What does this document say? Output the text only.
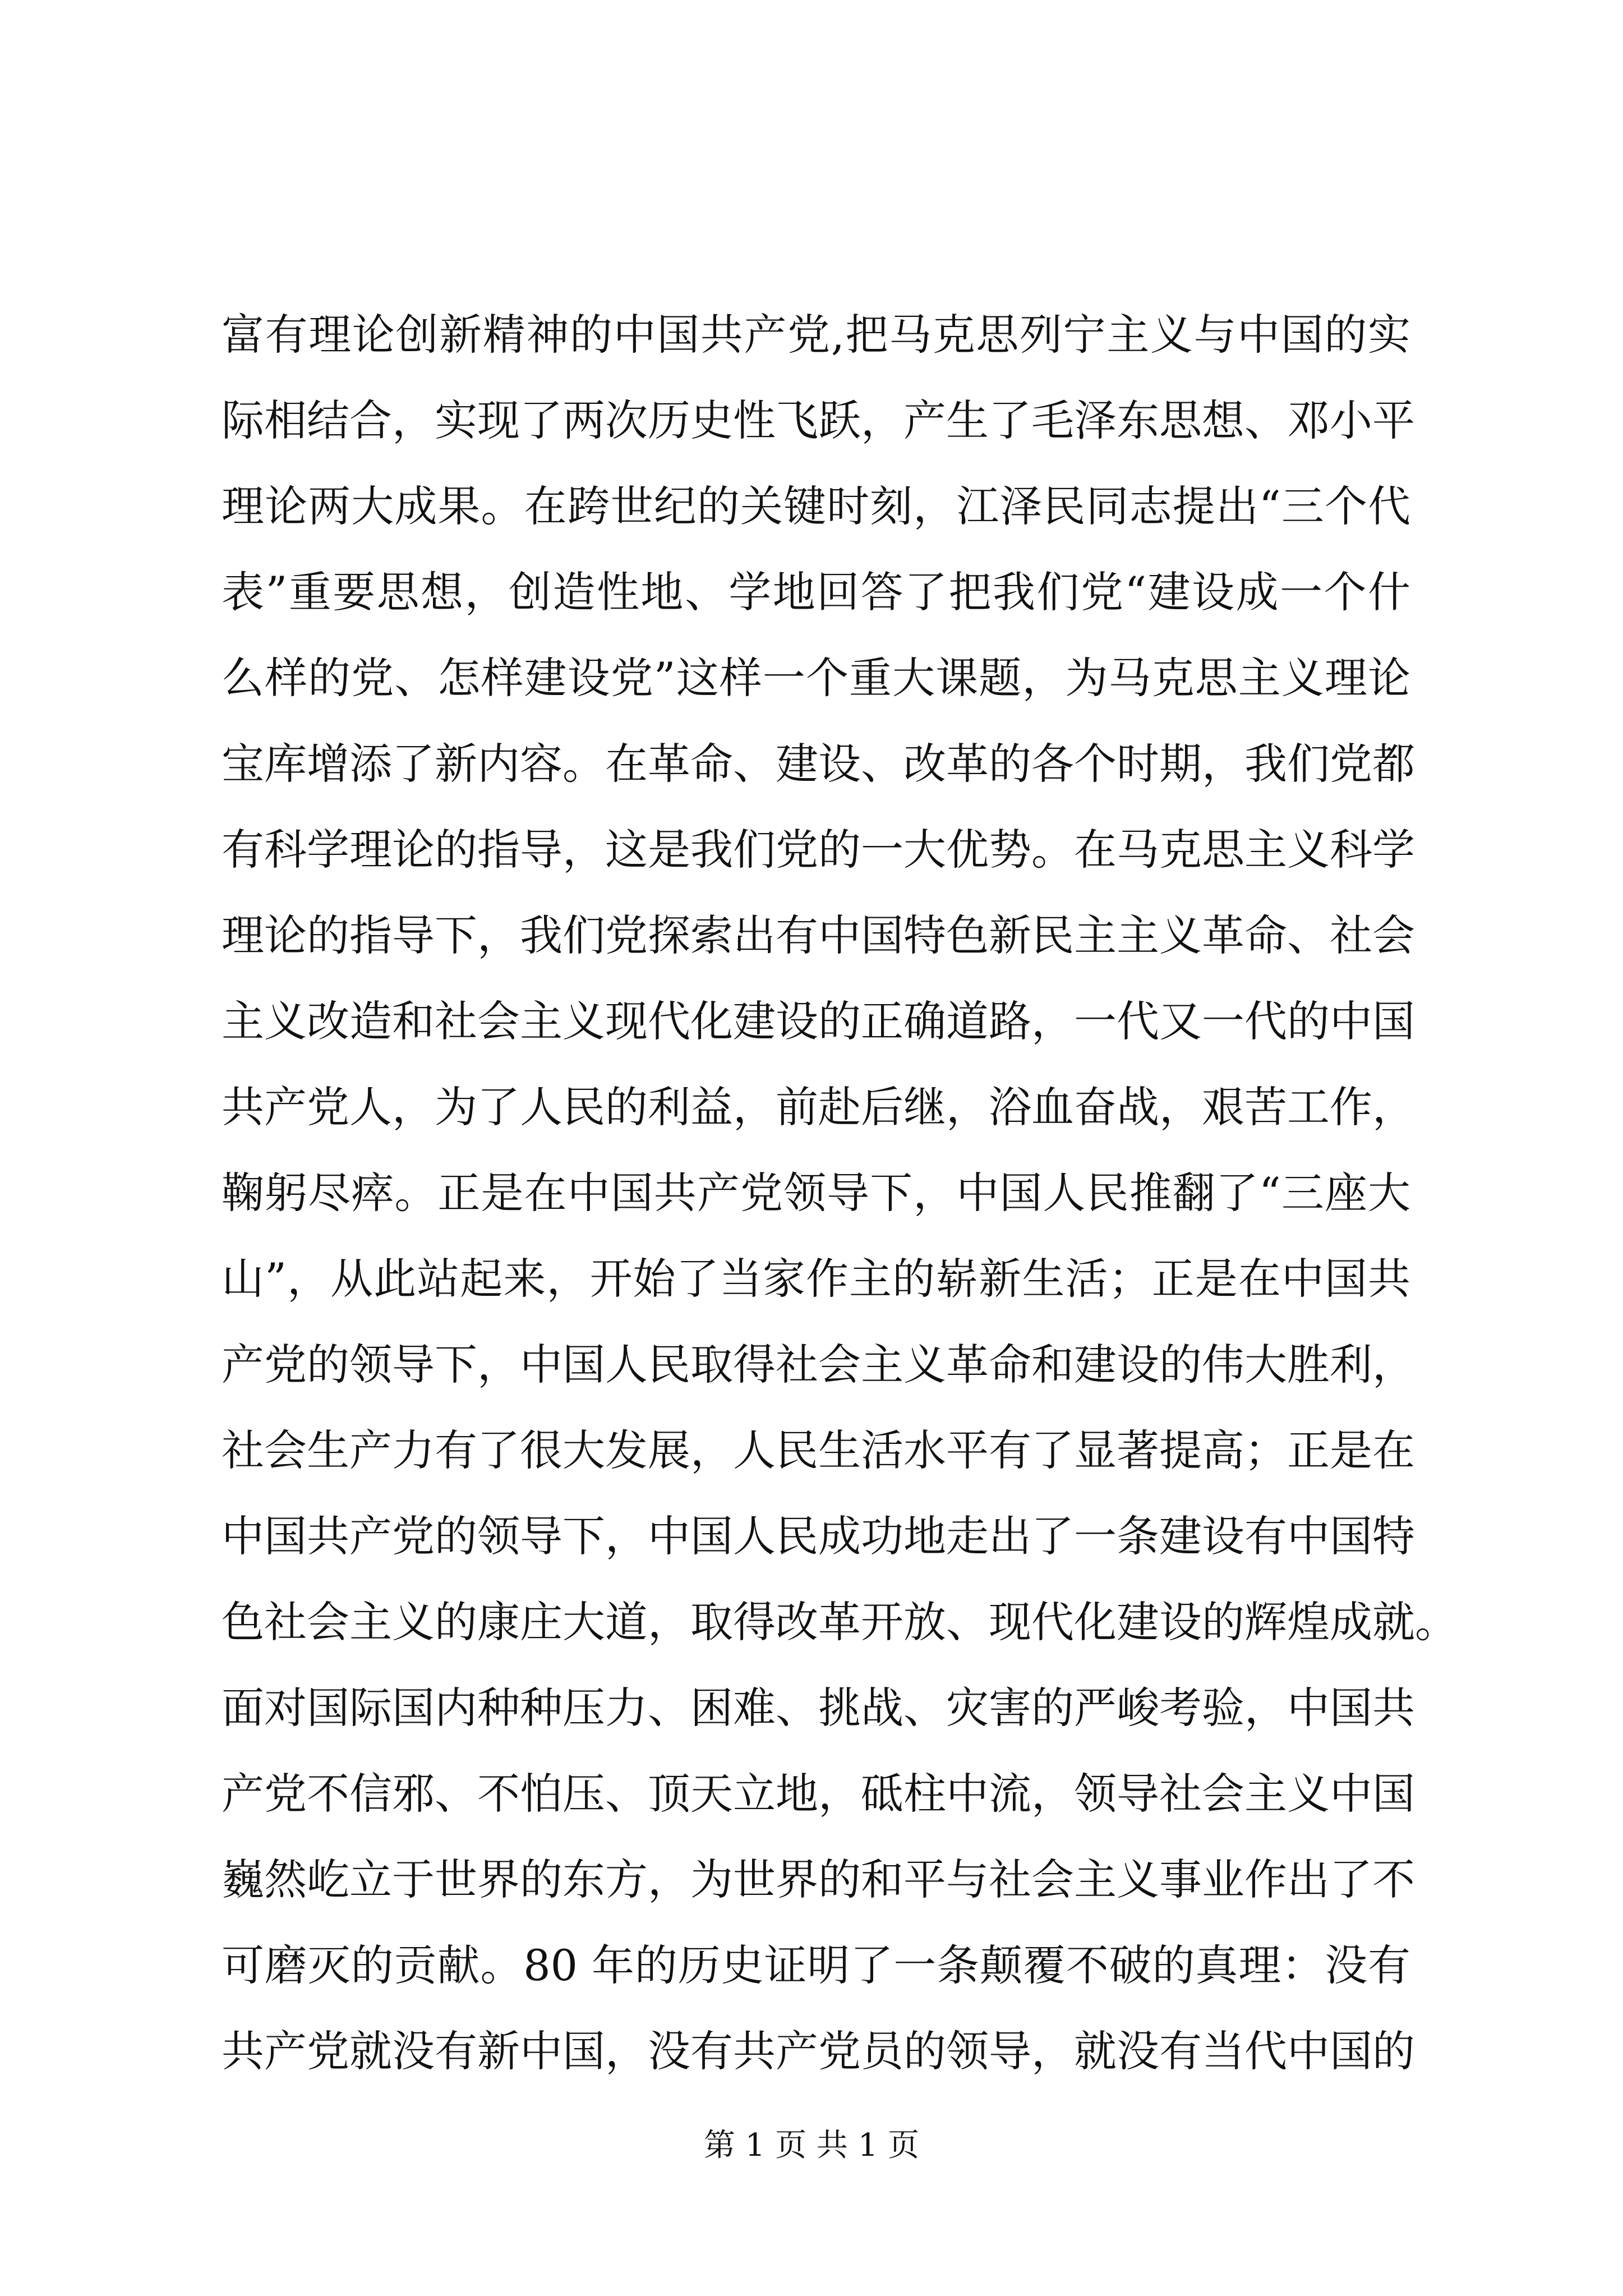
富有理论创新精神的中国共产党,把马克思列宁主义与中国的实
际相结合，实现了两次历史性飞跃，产生了毛泽东思想、邓小平
理论两大成果。在跨世纪的关键时刻，江泽民同志提出“三个代
表”重要思想，创造性地、学地回答了把我们党“建设成一个什
么样的党、怎样建设党”这样一个重大课题，为马克思主义理论
宝库增添了新内容。在革命、建设、改革的各个时期，我们党都
有科学理论的指导，这是我们党的一大优势。在马克思主义科学
理论的指导下，我们党探索出有中国特色新民主主义革命、社会
主义改造和社会主义现代化建设的正确道路，一代又一代的中国
共产党人，为了人民的利益，前赴后继，浴血奋战，艰苦工作，
鞠躬尽瘁。正是在中国共产党领导下，中国人民推翻了“三座大
山”，从此站起来，开始了当家作主的崭新生活；正是在中国共
产党的领导下，中国人民取得社会主义革命和建设的伟大胜利，
社会生产力有了很大发展，人民生活水平有了显著提高；正是在
中国共产党的领导下，中国人民成功地走出了一条建设有中国特
色社会主义的康庄大道，取得改革开放、现代化建设的辉煌成就。
面对国际国内种种压力、困难、挑战、灾害的严峻考验，中国共
产党不信邪、不怕压、顶天立地，砥柱中流，领导社会主义中国
巍然屹立于世界的东方，为世界的和平与社会主义事业作出了不
可磨灭的贡献。80 年的历史证明了一条颠覆不破的真理：没有
共产党就没有新中国，没有共产党员的领导，就没有当代中国的
第 1 页 共 1 页
